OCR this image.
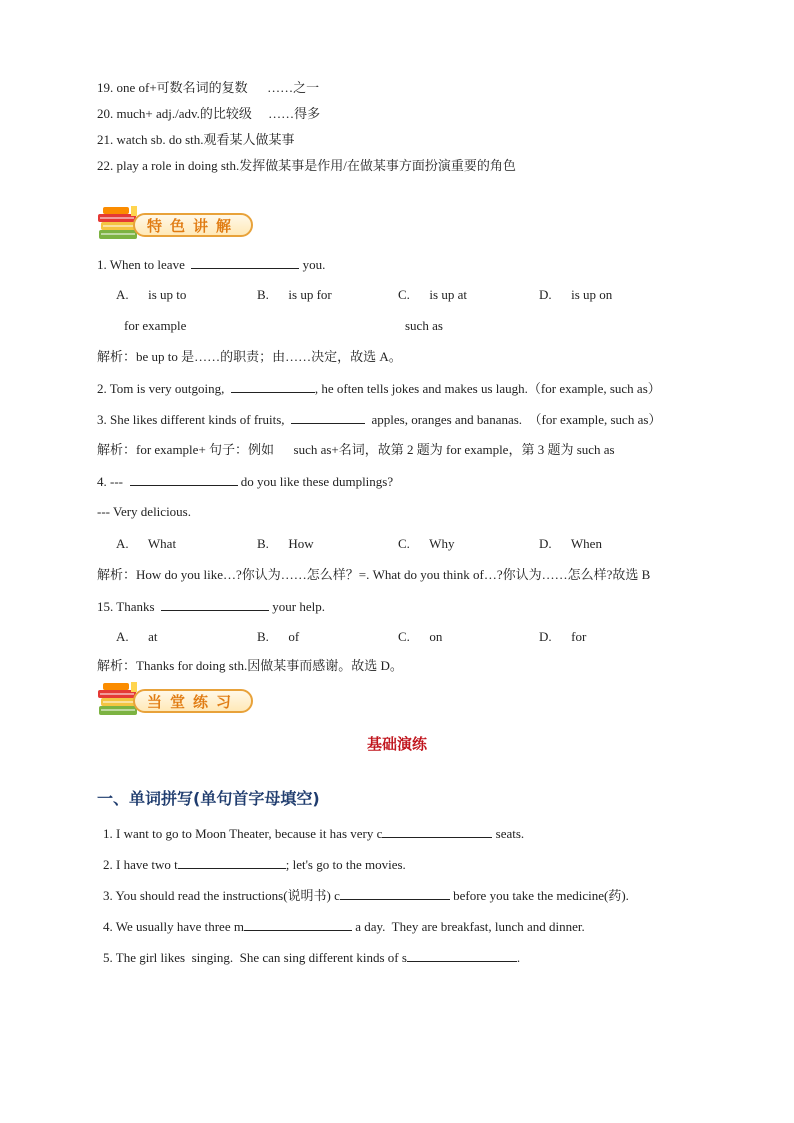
19. one of+可数名词的复数      ……之一
20. much+ adj./adv.的比较级     ……得多
21. watch sb. do sth.观看某人做某事
22. play a role in doing sth.发挥做某事是作用/在做某事方面扮演重要的角色
特色讲解
1. When to leave	you.
A.      is up to	B.      is up for	C.      is up at	D.      is up on
for example	such as
解析：be up to 是……的职责；由……决定，故选 A。
2. Tom is very outgoing,	, he often tells jokes and makes us laugh.（for example, such as）
3. She likes different kinds of fruits,	apples, oranges and bananas.  （for example, such as）
解析：for example+ 句子：例如      such as+名词，故第 2 题为 for example，第 3 题为 such as
4. ---	do you like these dumplings?
--- Very delicious.
A.      What	B.      How	C.      Why	D.      When
解析：How do you like…?你认为……怎么样？=. What do you think of…?你认为……怎么样?故选 B
15. Thanks	your help.
A.      at	B.      of	C.      on	D.      for
解析：Thanks for doing sth.因做某事而感谢。故选 D。
当堂练习
基础演练
一、单词拼写(单句首字母填空)
1. I want to go to Moon Theater, because it has very c	seats.
2. I have two t	; let's go to the movies.
3. You should read the instructions(说明书) c	before you take the medicine(药).
4. We usually have three m	a day.  They are breakfast, lunch and dinner.
5. The girl likes  singing.  She can sing different kinds of s	.
